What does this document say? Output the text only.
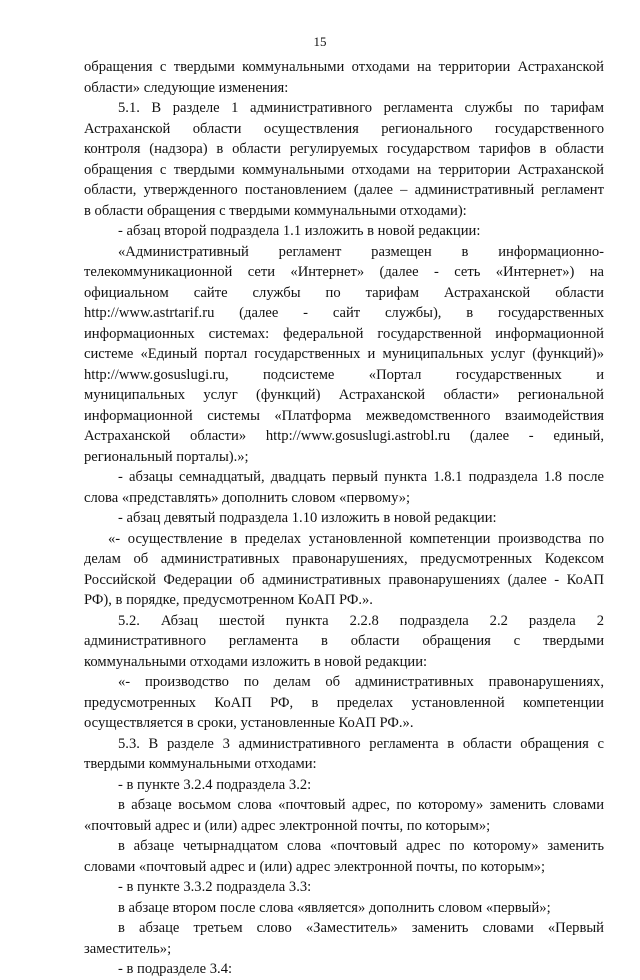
15
обращения с твердыми коммунальными отходами на территории Астраханской
области» следующие изменения:
5.1. В разделе 1 административного регламента службы по тарифам
Астраханской области осуществления регионального государственного
контроля (надзора) в области регулируемых государством тарифов в области
обращения с твердыми коммунальными отходами на территории Астраханской
области, утвержденного постановлением (далее – административный регламент
в области обращения с твердыми коммунальными отходами):
- абзац второй подраздела 1.1 изложить в новой редакции:
«Административный регламент размещен в информационно-
телекоммуникационной сети «Интернет» (далее - сеть «Интернет») на
официальном сайте службы по тарифам Астраханской области
http://www.astrtarif.ru (далее - сайт службы), в государственных
информационных системах: федеральной государственной информационной
системе «Единый портал государственных и муниципальных услуг (функций)»
http://www.gosuslugi.ru, подсистеме «Портал государственных и
муниципальных услуг (функций) Астраханской области» региональной
информационной системы «Платформа межведомственного взаимодействия
Астраханской области» http://www.gosuslugi.astrobl.ru (далее - единый,
региональный порталы).»;
- абзацы семнадцатый, двадцать первый пункта 1.8.1 подраздела 1.8 после
слова «представлять» дополнить словом «первому»;
- абзац девятый подраздела 1.10 изложить в новой редакции:
«- осуществление в пределах установленной компетенции производства по
делам об административных правонарушениях, предусмотренных Кодексом
Российской Федерации об административных правонарушениях (далее - КоАП
РФ), в порядке, предусмотренном КоАП РФ.».
5.2. Абзац шестой пункта 2.2.8 подраздела 2.2 раздела 2
административного регламента в области обращения с твердыми
коммунальными отходами изложить в новой редакции:
«- производство по делам об административных правонарушениях,
предусмотренных КоАП РФ, в пределах установленной компетенции
осуществляется в сроки, установленные КоАП РФ.».
5.3. В разделе 3 административного регламента в области обращения с
твердыми коммунальными отходами:
- в пункте 3.2.4 подраздела 3.2:
в абзаце восьмом слова «почтовый адрес, по которому» заменить словами
«почтовый адрес и (или) адрес электронной почты, по которым»;
в абзаце четырнадцатом слова «почтовый адрес по которому» заменить
словами «почтовый адрес и (или) адрес электронной почты, по которым»;
- в пункте 3.3.2 подраздела 3.3:
в абзаце втором после слова «является» дополнить словом «первый»;
в абзаце третьем слово «Заместитель» заменить словами «Первый
заместитель»;
- в подразделе 3.4:
